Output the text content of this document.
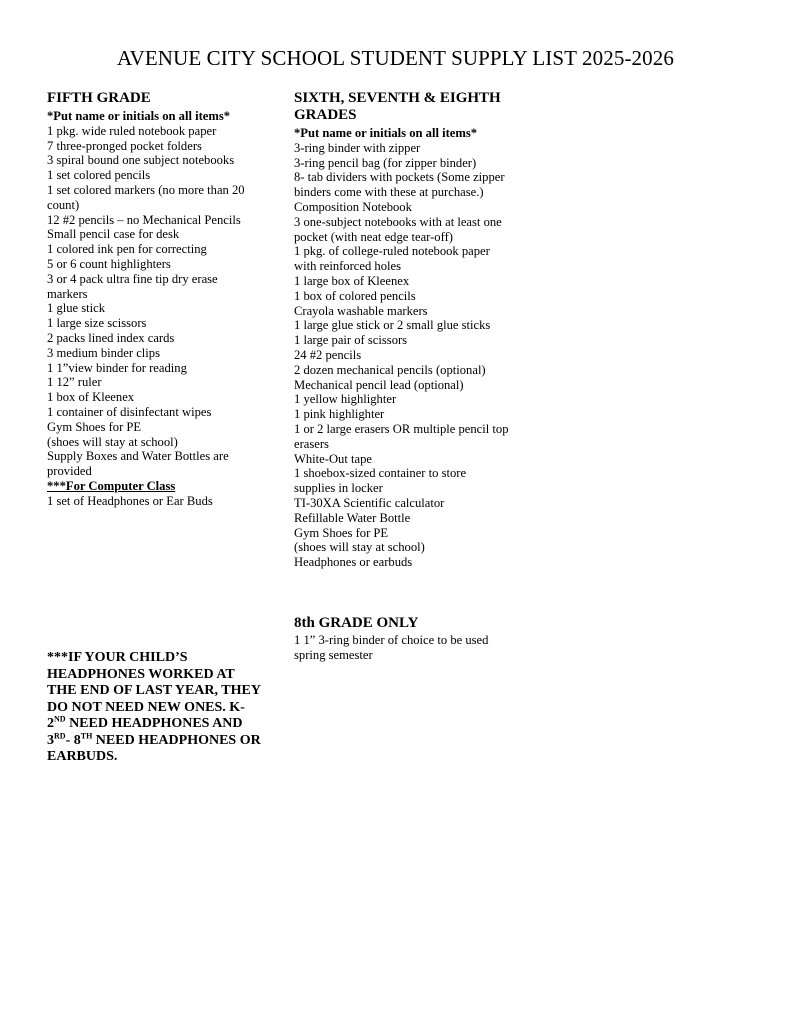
AVENUE CITY SCHOOL STUDENT SUPPLY LIST 2025-2026
FIFTH GRADE
*Put name or initials on all items*
1 pkg. wide ruled notebook paper
7 three-pronged pocket folders
3 spiral bound one subject notebooks
1 set colored pencils
1 set colored markers (no more than 20 count)
12 #2 pencils – no Mechanical Pencils
Small pencil case for desk
1 colored ink pen for correcting
5 or 6 count highlighters
3 or 4 pack ultra fine tip dry erase markers
1 glue stick
1 large size scissors
2 packs lined index cards
3 medium binder clips
1 1”view binder for reading
1 12” ruler
1 box of Kleenex
1 container of disinfectant wipes
Gym Shoes for PE
(shoes will stay at school)
Supply Boxes and Water Bottles are provided
***For Computer Class
1 set of Headphones or Ear Buds
SIXTH, SEVENTH & EIGHTH GRADES
*Put name or initials on all items*
3-ring binder with zipper
3-ring pencil bag (for zipper binder)
8- tab dividers with pockets (Some zipper binders come with these at purchase.)
Composition Notebook
3 one-subject notebooks with at least one pocket (with neat edge tear-off)
1 pkg. of college-ruled notebook paper with reinforced holes
1 large box of Kleenex
1 box of colored pencils
Crayola washable markers
1 large glue stick or 2 small glue sticks
1 large pair of scissors
24 #2 pencils
2 dozen mechanical pencils (optional)
Mechanical pencil lead (optional)
1 yellow highlighter
1 pink highlighter
1 or 2 large erasers OR multiple pencil top erasers
White-Out tape
1 shoebox-sized container to store supplies in locker
TI-30XA Scientific calculator
Refillable Water Bottle
Gym Shoes for PE
(shoes will stay at school)
Headphones or earbuds
8th GRADE ONLY
1 1” 3-ring binder of choice to be used spring semester
***IF YOUR CHILD’S HEADPHONES WORKED AT THE END OF LAST YEAR, THEY DO NOT NEED NEW ONES. K-2ND NEED HEADPHONES AND 3RD- 8TH NEED HEADPHONES OR EARBUDS.
